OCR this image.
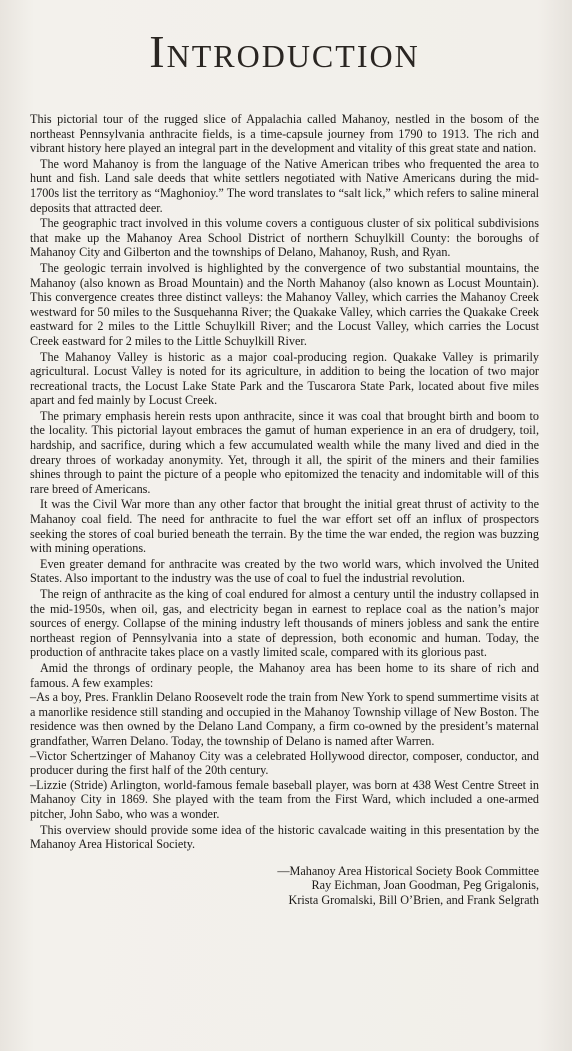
Introduction

This pictorial tour of the rugged slice of Appalachia called Mahanoy, nestled in the bosom of the northeast Pennsylvania anthracite fields, is a time-capsule journey from 1790 to 1913. The rich and vibrant history here played an integral part in the development and vitality of this great state and nation.

The word Mahanoy is from the language of the Native American tribes who frequented the area to hunt and fish. Land sale deeds that white settlers negotiated with Native Americans during the mid-1700s list the territory as “Maghonioy.” The word translates to “salt lick,” which refers to saline mineral deposits that attracted deer.

The geographic tract involved in this volume covers a contiguous cluster of six political subdivisions that make up the Mahanoy Area School District of northern Schuylkill County: the boroughs of Mahanoy City and Gilberton and the townships of Delano, Mahanoy, Rush, and Ryan.

The geologic terrain involved is highlighted by the convergence of two substantial mountains, the Mahanoy (also known as Broad Mountain) and the North Mahanoy (also known as Locust Mountain). This convergence creates three distinct valleys: the Mahanoy Valley, which carries the Mahanoy Creek westward for 50 miles to the Susquehanna River; the Quakake Valley, which carries the Quakake Creek eastward for 2 miles to the Little Schuylkill River; and the Locust Valley, which carries the Locust Creek eastward for 2 miles to the Little Schuylkill River.

The Mahanoy Valley is historic as a major coal-producing region. Quakake Valley is primarily agricultural. Locust Valley is noted for its agriculture, in addition to being the location of two major recreational tracts, the Locust Lake State Park and the Tuscarora State Park, located about five miles apart and fed mainly by Locust Creek.

The primary emphasis herein rests upon anthracite, since it was coal that brought birth and boom to the locality. This pictorial layout embraces the gamut of human experience in an era of drudgery, toil, hardship, and sacrifice, during which a few accumulated wealth while the many lived and died in the dreary throes of workaday anonymity. Yet, through it all, the spirit of the miners and their families shines through to paint the picture of a people who epitomized the tenacity and indomitable will of this rare breed of Americans.

It was the Civil War more than any other factor that brought the initial great thrust of activity to the Mahanoy coal field. The need for anthracite to fuel the war effort set off an influx of prospectors seeking the stores of coal buried beneath the terrain. By the time the war ended, the region was buzzing with mining operations.

Even greater demand for anthracite was created by the two world wars, which involved the United States. Also important to the industry was the use of coal to fuel the industrial revolution.

The reign of anthracite as the king of coal endured for almost a century until the industry collapsed in the mid-1950s, when oil, gas, and electricity began in earnest to replace coal as the nation’s major sources of energy. Collapse of the mining industry left thousands of miners jobless and sank the entire northeast region of Pennsylvania into a state of depression, both economic and human. Today, the production of anthracite takes place on a vastly limited scale, compared with its glorious past.

Amid the throngs of ordinary people, the Mahanoy area has been home to its share of rich and famous. A few examples:

–As a boy, Pres. Franklin Delano Roosevelt rode the train from New York to spend summertime visits at a manorlike residence still standing and occupied in the Mahanoy Township village of New Boston. The residence was then owned by the Delano Land Company, a firm co-owned by the president’s maternal grandfather, Warren Delano. Today, the township of Delano is named after Warren.

–Victor Schertzinger of Mahanoy City was a celebrated Hollywood director, composer, conductor, and producer during the first half of the 20th century.

–Lizzie (Stride) Arlington, world-famous female baseball player, was born at 438 West Centre Street in Mahanoy City in 1869. She played with the team from the First Ward, which included a one-armed pitcher, John Sabo, who was a wonder.

This overview should provide some idea of the historic cavalcade waiting in this presentation by the Mahanoy Area Historical Society.

—Mahanoy Area Historical Society Book Committee
Ray Eichman, Joan Goodman, Peg Grigalonis,
Krista Gromalski, Bill O’Brien, and Frank Selgrath
